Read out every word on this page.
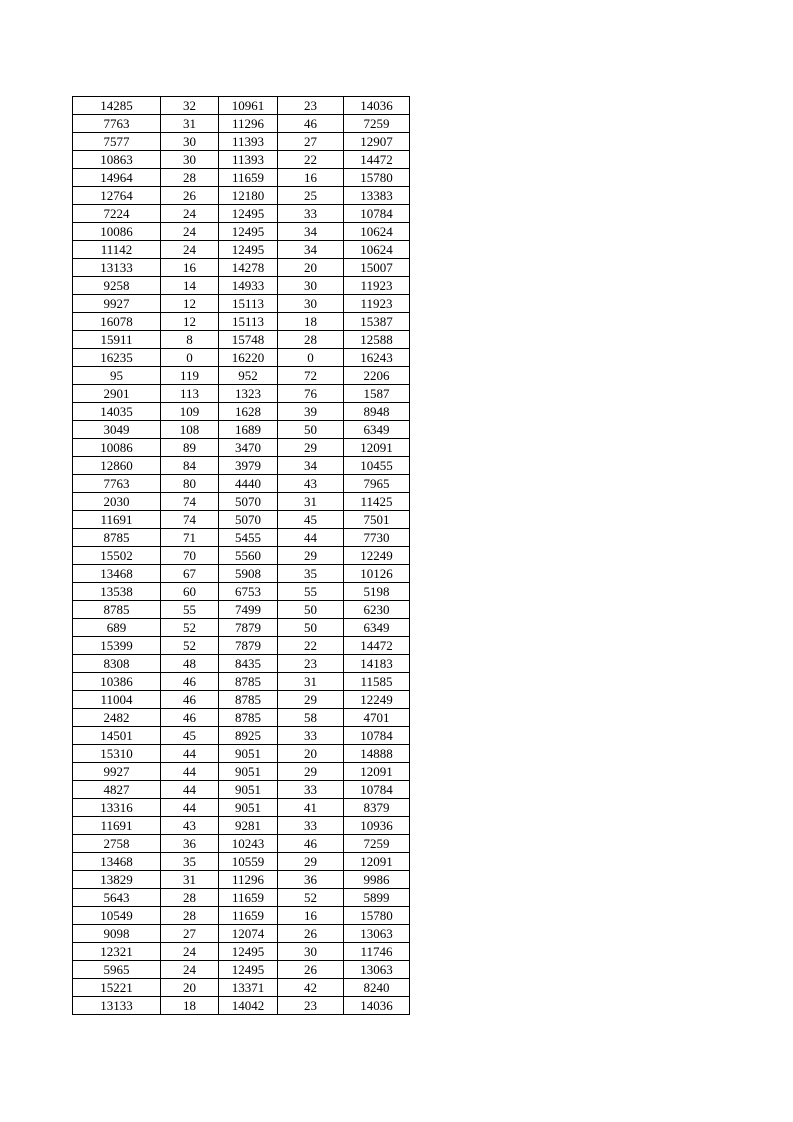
14285	32	10961	23	14036
7763	31	11296	46	7259
7577	30	11393	27	12907
10863	30	11393	22	14472
14964	28	11659	16	15780
12764	26	12180	25	13383
7224	24	12495	33	10784
10086	24	12495	34	10624
11142	24	12495	34	10624
13133	16	14278	20	15007
9258	14	14933	30	11923
9927	12	15113	30	11923
16078	12	15113	18	15387
15911	8	15748	28	12588
16235	0	16220	0	16243
95	119	952	72	2206
2901	113	1323	76	1587
14035	109	1628	39	8948
3049	108	1689	50	6349
10086	89	3470	29	12091
12860	84	3979	34	10455
7763	80	4440	43	7965
2030	74	5070	31	11425
11691	74	5070	45	7501
8785	71	5455	44	7730
15502	70	5560	29	12249
13468	67	5908	35	10126
13538	60	6753	55	5198
8785	55	7499	50	6230
689	52	7879	50	6349
15399	52	7879	22	14472
8308	48	8435	23	14183
10386	46	8785	31	11585
11004	46	8785	29	12249
2482	46	8785	58	4701
14501	45	8925	33	10784
15310	44	9051	20	14888
9927	44	9051	29	12091
4827	44	9051	33	10784
13316	44	9051	41	8379
11691	43	9281	33	10936
2758	36	10243	46	7259
13468	35	10559	29	12091
13829	31	11296	36	9986
5643	28	11659	52	5899
10549	28	11659	16	15780
9098	27	12074	26	13063
12321	24	12495	30	11746
5965	24	12495	26	13063
15221	20	13371	42	8240
13133	18	14042	23	14036
